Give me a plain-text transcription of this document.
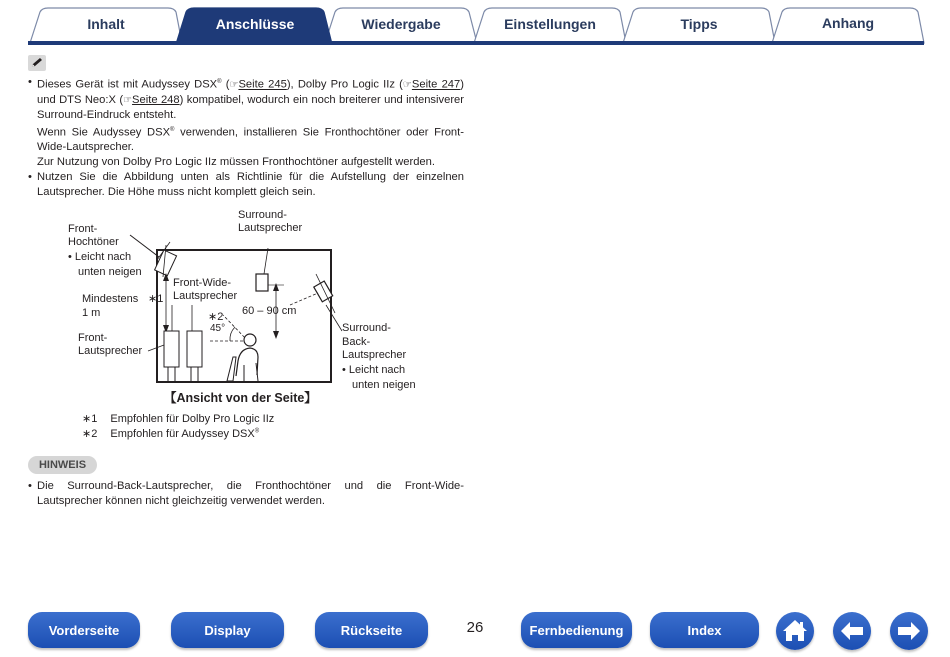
Inhalt	Anschlüsse	Wiedergabe	Einstellungen	Tipps	Anhang
• Dieses Gerät ist mit Audyssey DSX® (☞Seite 245), Dolby Pro Logic IIz (☞Seite 247) und DTS Neo:X (☞Seite 248) kompatibel, wodurch ein noch breiterer und intensiverer Surround-Eindruck entsteht.
Wenn Sie Audyssey DSX® verwenden, installieren Sie Fronthochtöner oder Front-Wide-Lautsprecher.
Zur Nutzung von Dolby Pro Logic IIz müssen Fronthochtöner aufgestellt werden.
• Nutzen Sie die Abbildung unten als Richtlinie für die Aufstellung der einzelnen Lautsprecher. Die Höhe muss nicht komplett gleich sein.
Front-
Hochtöner
• Leicht nach
unten neigen
Surround-
Lautsprecher
Mindestens ∗1
1 m
Front-Wide-
Lautsprecher
∗2
45°
60 – 90 cm
Front-
Lautsprecher
Surround-
Back-
Lautsprecher
• Leicht nach
unten neigen
【Ansicht von der Seite】
∗1 Empfohlen für Dolby Pro Logic IIz
∗2 Empfohlen für Audyssey DSX®
HINWEIS
• Die Surround-Back-Lautsprecher, die Fronthochtöner und die Front-Wide-Lautsprecher können nicht gleichzeitig verwendet werden.
Vorderseite	Display	Rückseite	26	Fernbedienung	Index
